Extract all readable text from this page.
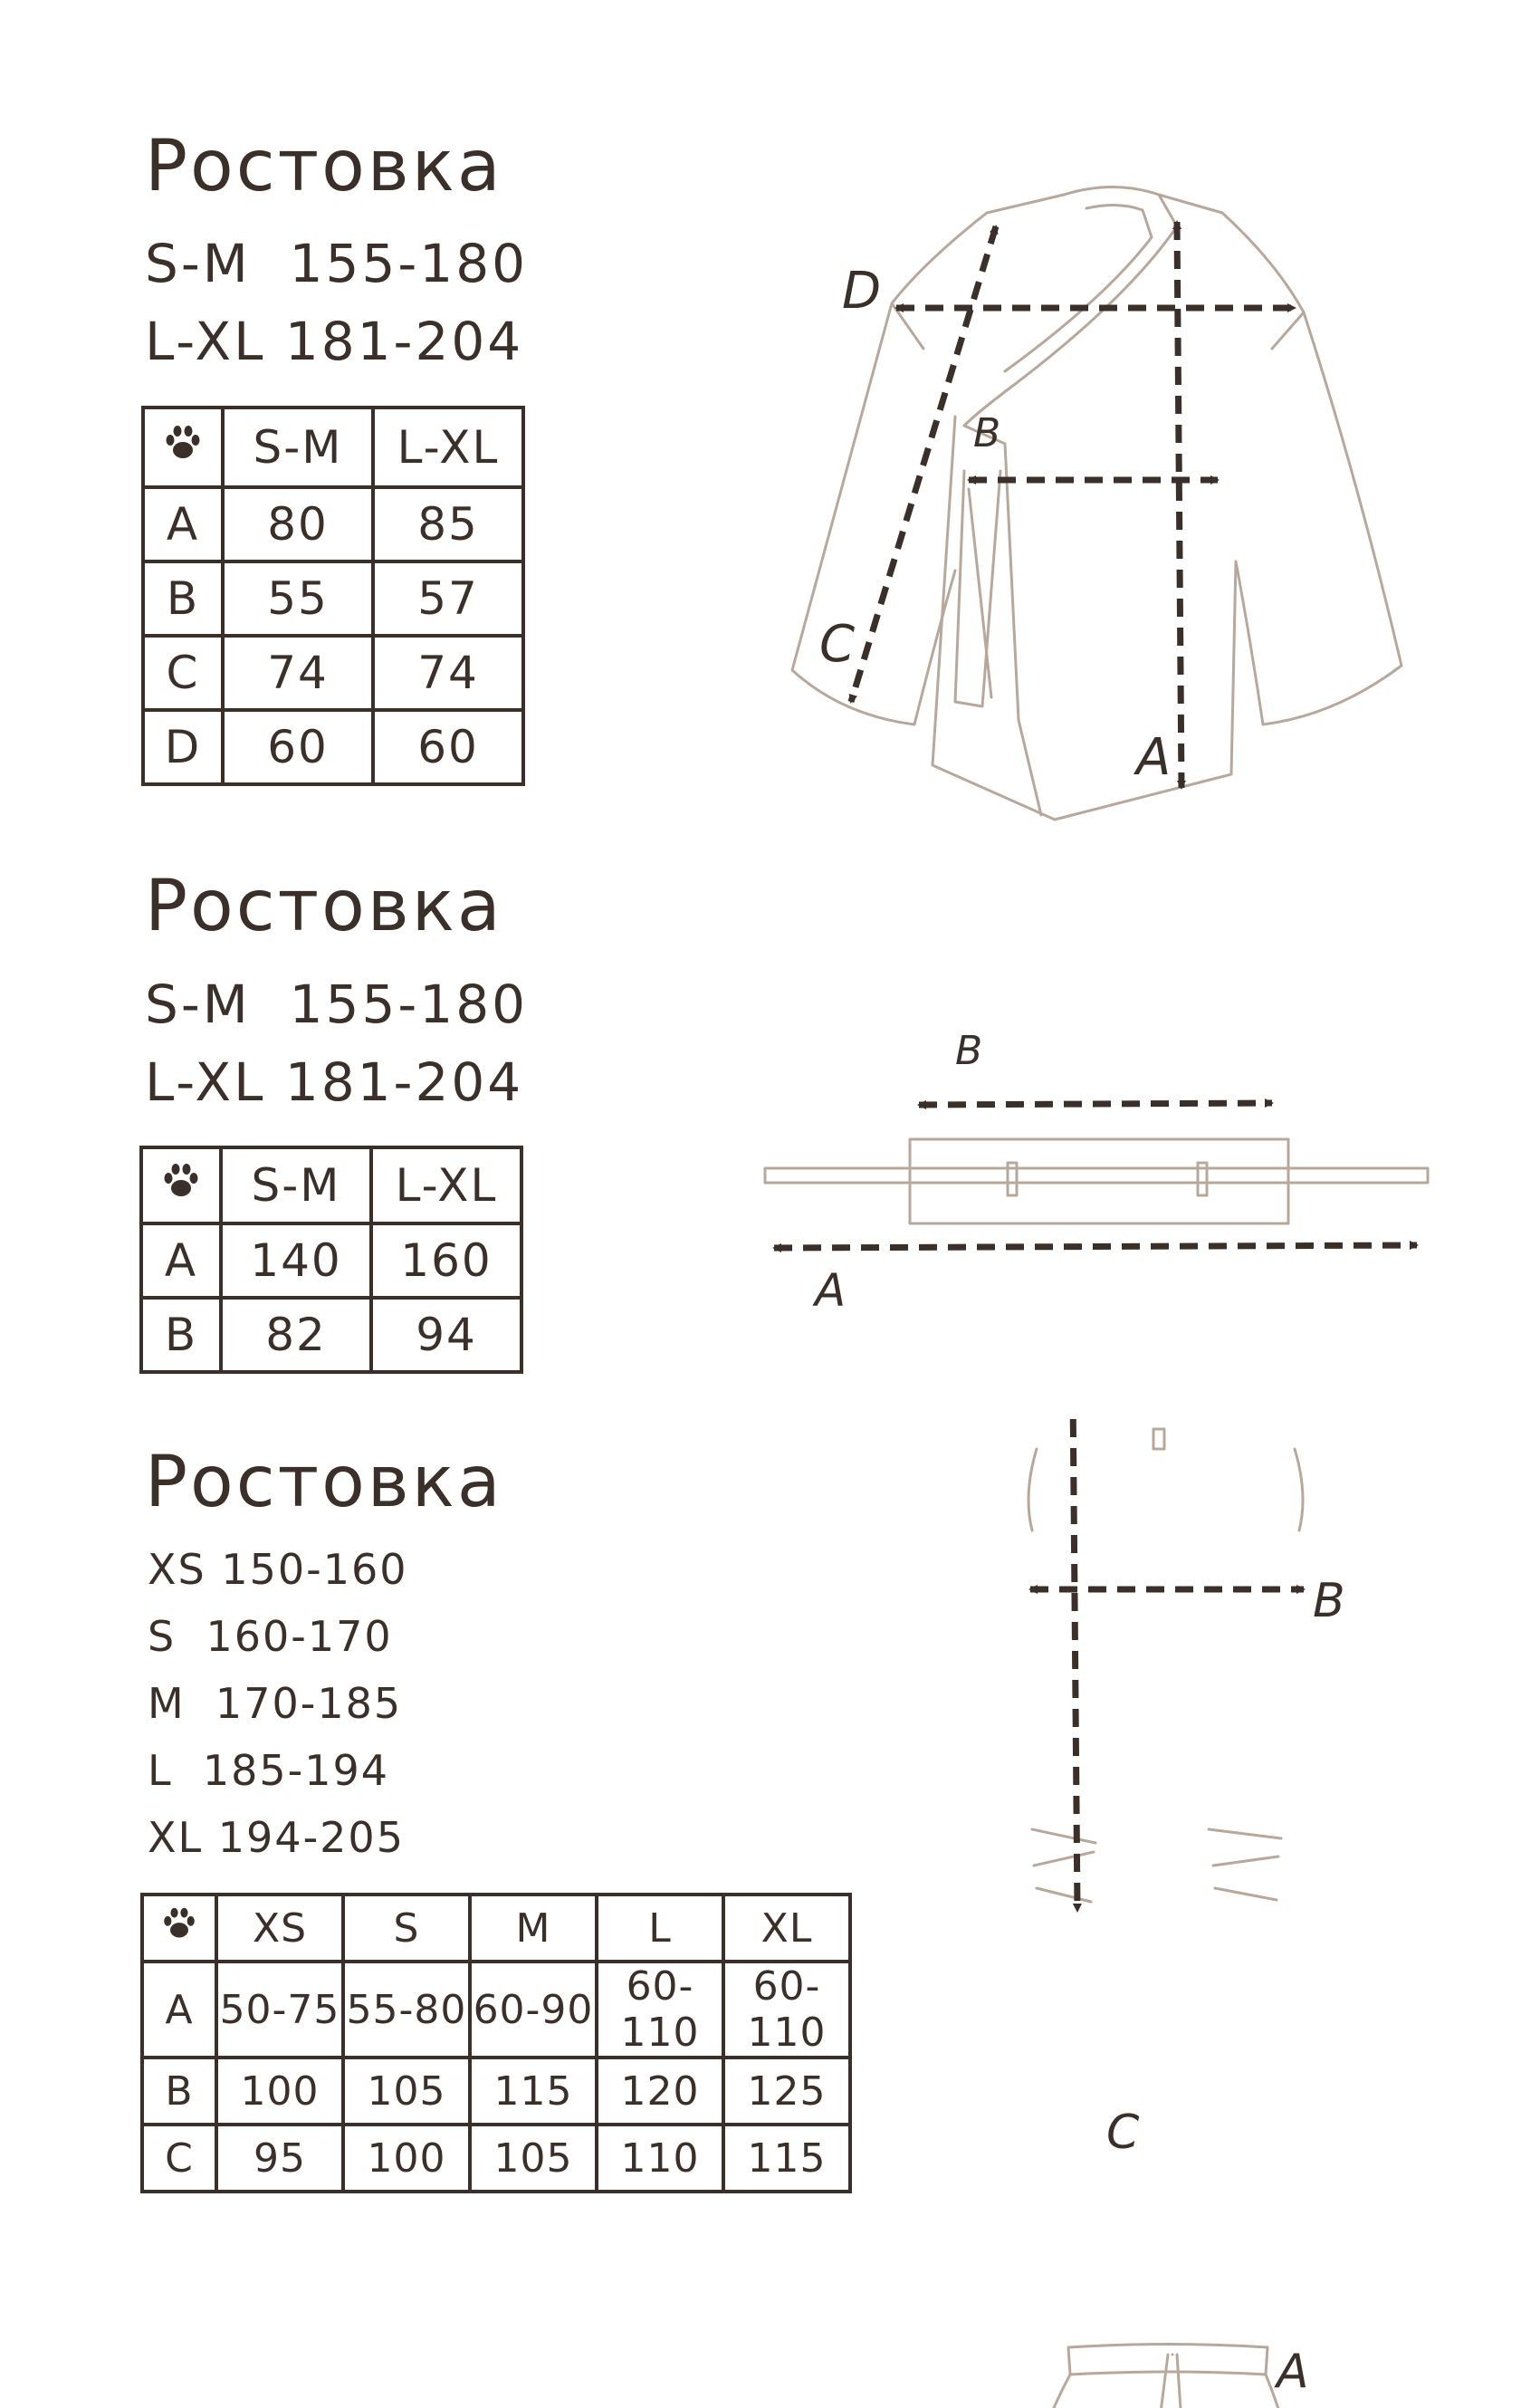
Ростовка
S-M  155-180
L-XL 181-204
	S-M	L-XL
A	80	85
B	55	57
C	74	74
D	60	60
D
B
C
A
Ростовка
S-M  155-180
L-XL 181-204
	S-M	L-XL
A	140	160
B	82	94
B
A
Ростовка
XS 150-160
S  160-170
M  170-185
L  185-194
XL 194-205
	XS	S	M	L	XL
A	50-75	55-80	60-90	60-110	60-110
B	100	105	115	120	125
C	95	100	105	110	115
A
B
C
